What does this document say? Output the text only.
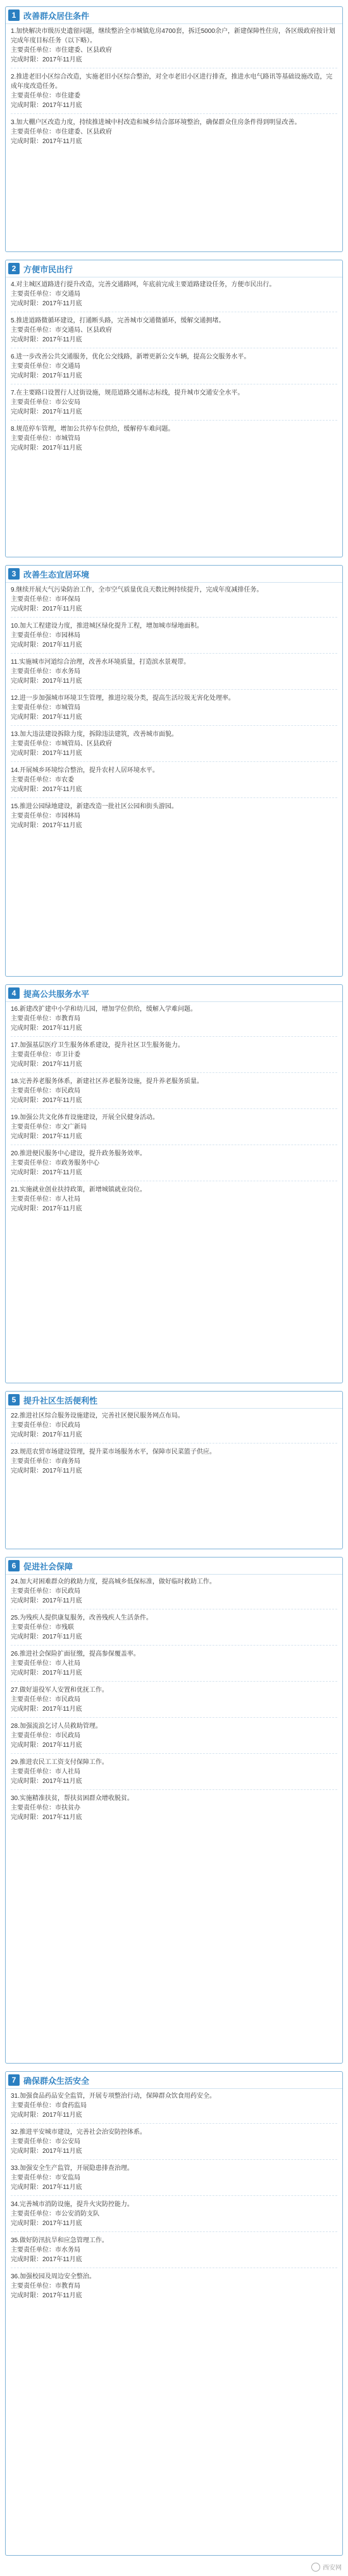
1 改善群众居住条件

1.加快解决市级历史遗留问题，继续整治全市城镇危房4700套，拆迁5000余户，新建保障性住房，各区级政府按计划完成年度目标任务（以下略）。

主要责任单位：市住建委、区县政府

完成时限：2017年11月底

2.推进老旧小区综合改造，实施老旧小区综合整治，对全市老旧小区进行排查，推进水电气路讯等基础设施改造，完成年度改造任务。

主要责任单位：市住建委

完成时限：2017年11月底

3.加大棚户区改造力度，持续推进城中村改造和城乡结合部环境整治，确保群众住房条件得到明显改善。

主要责任单位：市住建委、区县政府

完成时限：2017年11月底

2 方便市民出行

4.对主城区道路进行提升改造，完善交通路网，年底前完成主要道路建设任务，方便市民出行。

主要责任单位：市交通局

完成时限：2017年11月底

5.推进道路微循环建设，打通断头路，完善城市交通微循环，缓解交通拥堵。

主要责任单位：市交通局、区县政府

完成时限：2017年11月底

6.进一步改善公共交通服务，优化公交线路，新增更新公交车辆，提高公交服务水平。

主要责任单位：市交通局

完成时限：2017年11月底

7.在主要路口设置行人过街设施，规范道路交通标志标线，提升城市交通安全水平。

主要责任单位：市公安局

完成时限：2017年11月底

8.规范停车管理，增加公共停车位供给，缓解停车难问题。

主要责任单位：市城管局

完成时限：2017年11月底

3 改善生态宜居环境

9.继续开展大气污染防治工作，全市空气质量优良天数比例持续提升，完成年度减排任务。

主要责任单位：市环保局

完成时限：2017年11月底

10.加大工程建设力度，推进城区绿化提升工程，增加城市绿地面积。

主要责任单位：市园林局

完成时限：2017年11月底

11.实施城市河道综合治理，改善水环境质量，打造滨水景观带。

主要责任单位：市水务局

完成时限：2017年11月底

12.进一步加强城市环境卫生管理，推进垃圾分类，提高生活垃圾无害化处理率。

主要责任单位：市城管局

完成时限：2017年11月底

13.加大违法建设拆除力度，拆除违法建筑，改善城市面貌。

主要责任单位：市城管局、区县政府

完成时限：2017年11月底

14.开展城乡环境综合整治，提升农村人居环境水平。

主要责任单位：市农委

完成时限：2017年11月底

15.推进公园绿地建设，新建改造一批社区公园和街头游园。

主要责任单位：市园林局

完成时限：2017年11月底

4 提高公共服务水平

16.新建改扩建中小学和幼儿园，增加学位供给，缓解入学难问题。

主要责任单位：市教育局

完成时限：2017年11月底

17.加强基层医疗卫生服务体系建设，提升社区卫生服务能力。

主要责任单位：市卫计委

完成时限：2017年11月底

18.完善养老服务体系，新建社区养老服务设施，提升养老服务质量。

主要责任单位：市民政局

完成时限：2017年11月底

19.加强公共文化体育设施建设，开展全民健身活动。

主要责任单位：市文广新局

完成时限：2017年11月底

20.推进便民服务中心建设，提升政务服务效率。

主要责任单位：市政务服务中心

完成时限：2017年11月底

21.实施就业创业扶持政策，新增城镇就业岗位。

主要责任单位：市人社局

完成时限：2017年11月底

5 提升社区生活便利性

22.推进社区综合服务设施建设，完善社区便民服务网点布局。

主要责任单位：市民政局

完成时限：2017年11月底

23.规范农贸市场建设管理，提升菜市场服务水平，保障市民菜篮子供应。

主要责任单位：市商务局

完成时限：2017年11月底

6 促进社会保障

24.加大对困难群众的救助力度，提高城乡低保标准，做好临时救助工作。

主要责任单位：市民政局

完成时限：2017年11月底

25.为残疾人提供康复服务，改善残疾人生活条件。

主要责任单位：市残联

完成时限：2017年11月底

26.推进社会保险扩面征缴，提高参保覆盖率。

主要责任单位：市人社局

完成时限：2017年11月底

27.做好退役军人安置和优抚工作。

主要责任单位：市民政局

完成时限：2017年11月底

28.加强流浪乞讨人员救助管理。

主要责任单位：市民政局

完成时限：2017年11月底

29.推进农民工工资支付保障工作。

主要责任单位：市人社局

完成时限：2017年11月底

30.实施精准扶贫，帮扶贫困群众增收脱贫。

主要责任单位：市扶贫办

完成时限：2017年11月底

7 确保群众生活安全

31.加强食品药品安全监管，开展专项整治行动，保障群众饮食用药安全。

主要责任单位：市食药监局

完成时限：2017年11月底

32.推进平安城市建设，完善社会治安防控体系。

主要责任单位：市公安局

完成时限：2017年11月底

33.加强安全生产监管，开展隐患排查治理。

主要责任单位：市安监局

完成时限：2017年11月底

34.完善城市消防设施，提升火灾防控能力。

主要责任单位：市公安消防支队

完成时限：2017年11月底

35.做好防汛抗旱和应急管理工作。

主要责任单位：市水务局

完成时限：2017年11月底

36.加强校园及周边安全整治。

主要责任单位：市教育局

完成时限：2017年11月底

西安网
